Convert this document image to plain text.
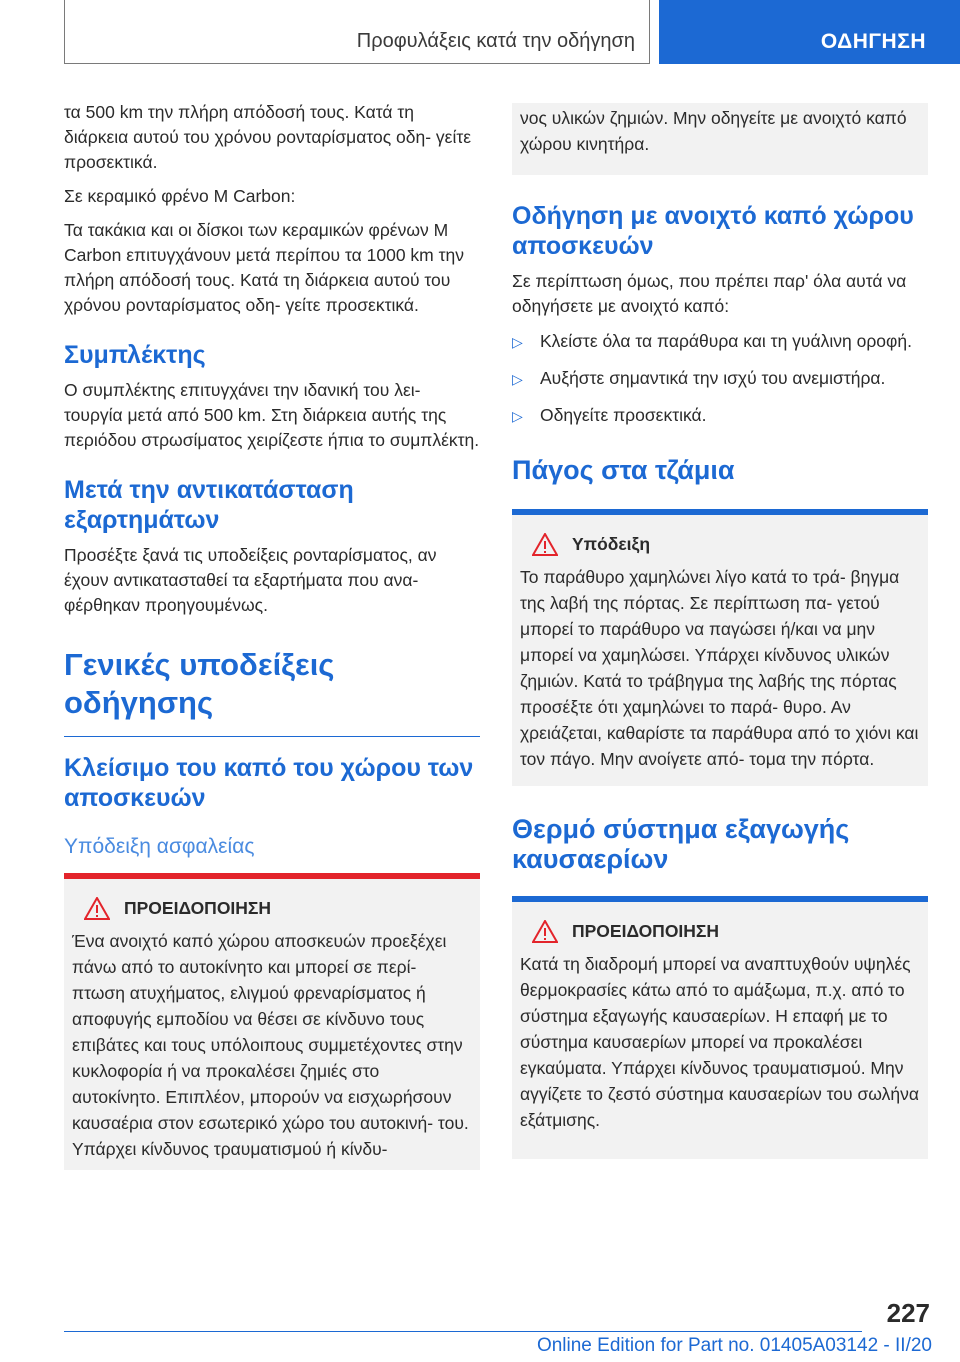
Προφυλάξεις κατά την οδήγηση	ΟΔΗΓΗΣΗ

τα 500 km την πλήρη απόδοσή τους. Κατά τη διάρκεια αυτού του χρόνου ρονταρίσματος οδη‐ γείτε προσεκτικά.

Σε κεραμικό φρένο M Carbon:

Τα τακάκια και οι δίσκοι των κεραμικών φρένων M Carbon επιτυγχάνουν μετά περίπου τα 1000 km την πλήρη απόδοσή τους. Κατά τη διάρκεια αυτού του χρόνου ρονταρίσματος οδη‐ γείτε προσεκτικά.

Συμπλέκτης

Ο συμπλέκτης επιτυγχάνει την ιδανική του λει‐ τουργία μετά από 500 km. Στη διάρκεια αυτής της περιόδου στρωσίματος χειρίζεστε ήπια το συμπλέκτη.

Μετά την αντικατάσταση εξαρτημάτων

Προσέξτε ξανά τις υποδείξεις ρονταρίσματος, αν έχουν αντικατασταθεί τα εξαρτήματα που ανα‐ φέρθηκαν προηγουμένως.

Γενικές υποδείξεις οδήγησης
Κλείσιμο του καπό του χώρου των αποσκευών
Υπόδειξη ασφαλείας
ΠΡΟΕΙΔΟΠΟΙΗΣΗ

Ένα ανοιχτό καπό χώρου αποσκευών προεξέχει πάνω από το αυτοκίνητο και μπορεί σε περί‐ πτωση ατυχήματος, ελιγμού φρεναρίσματος ή αποφυγής εμποδίου να θέσει σε κίνδυνο τους επιβάτες και τους υπόλοιπους συμμετέχοντες στην κυκλοφορία ή να προκαλέσει ζημιές στο αυτοκίνητο. Επιπλέον, μπορούν να εισχωρήσουν καυσαέρια στον εσωτερικό χώρο του αυτοκινή‐ του. Υπάρχει κίνδυνος τραυματισμού ή κίνδυ‐

νος υλικών ζημιών. Μην οδηγείτε με ανοιχτό καπό χώρου κινητήρα.

Οδήγηση με ανοιχτό καπό χώρου αποσκευών

Σε περίπτωση όμως, που πρέπει παρ' όλα αυτά να οδηγήσετε με ανοιχτό καπό:

▷ Κλείστε όλα τα παράθυρα και τη γυάλινη οροφή.
▷ Αυξήστε σημαντικά την ισχύ του ανεμιστήρα.
▷ Οδηγείτε προσεκτικά.
Πάγος στα τζάμια
Υπόδειξη

Το παράθυρο χαμηλώνει λίγο κατά το τρά‐ βηγμα της λαβή της πόρτας. Σε περίπτωση πα‐ γετού μπορεί το παράθυρο να παγώσει ή/και να μην μπορεί να χαμηλώσει. Υπάρχει κίνδυνος υλικών ζημιών. Κατά το τράβηγμα της λαβής της πόρτας προσέξτε ότι χαμηλώνει το παρά‐ θυρο. Αν χρειάζεται, καθαρίστε τα παράθυρα από το χιόνι και τον πάγο. Μην ανοίγετε από‐ τομα την πόρτα.

Θερμό σύστημα εξαγωγής καυσαερίων
ΠΡΟΕΙΔΟΠΟΙΗΣΗ

Κατά τη διαδρομή μπορεί να αναπτυχθούν υψηλές θερμοκρασίες κάτω από το αμάξωμα, π.χ. από το σύστημα εξαγωγής καυσαερίων. Η επαφή με το σύστημα καυσαερίων μπορεί να προκαλέσει εγκαύματα. Υπάρχει κίνδυνος τραυματισμού. Μην αγγίζετε το ζεστό σύστημα καυσαερίων του σωλήνα εξάτμισης.

227
Online Edition for Part no. 01405A03142 - II/20
